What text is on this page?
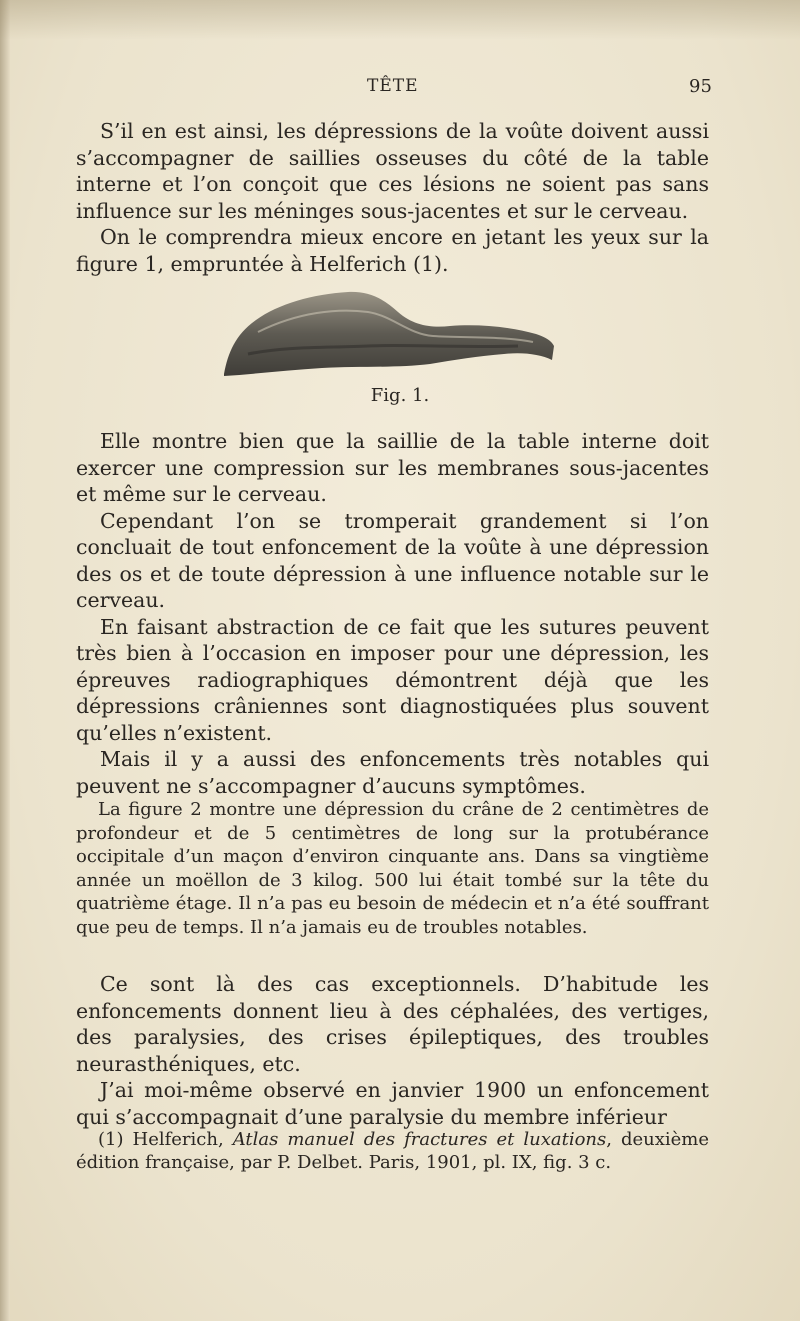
TÊTE	95

S’il en est ainsi, les dépressions de la voûte doivent aussi s’accompagner de saillies osseuses du côté de la table interne et l’on conçoit que ces lésions ne soient pas sans influence sur les méninges sous-jacentes et sur le cerveau.

On le comprendra mieux encore en jetant les yeux sur la figure 1, empruntée à Helferich (1).

Fig. 1.

Elle montre bien que la saillie de la table interne doit exercer une compression sur les membranes sous-jacentes et même sur le cerveau.

Cependant l’on se tromperait grandement si l’on concluait de tout enfoncement de la voûte à une dépression des os et de toute dépression à une influence notable sur le cerveau.

En faisant abstraction de ce fait que les sutures peuvent très bien à l’occasion en imposer pour une dépression, les épreuves radiographiques démontrent déjà que les dépressions crâniennes sont diagnostiquées plus souvent qu’elles n’existent.

Mais il y a aussi des enfoncements très notables qui peuvent ne s’accompagner d’aucuns symptômes.

La figure 2 montre une dépression du crâne de 2 centimètres de profondeur et de 5 centimètres de long sur la protubérance occipitale d’un maçon d’environ cinquante ans. Dans sa vingtième année un moëllon de 3 kilog. 500 lui était tombé sur la tête du quatrième étage. Il n’a pas eu besoin de médecin et n’a été souffrant que peu de temps. Il n’a jamais eu de troubles notables.

Ce sont là des cas exceptionnels. D’habitude les enfoncements donnent lieu à des céphalées, des vertiges, des paralysies, des crises épileptiques, des troubles neurasthéniques, etc.

J’ai moi-même observé en janvier 1900 un enfoncement qui s’accompagnait d’une paralysie du membre inférieur

(1) Helferich, Atlas manuel des fractures et luxations, deuxième édition française, par P. Delbet. Paris, 1901, pl. IX, fig. 3 c.
